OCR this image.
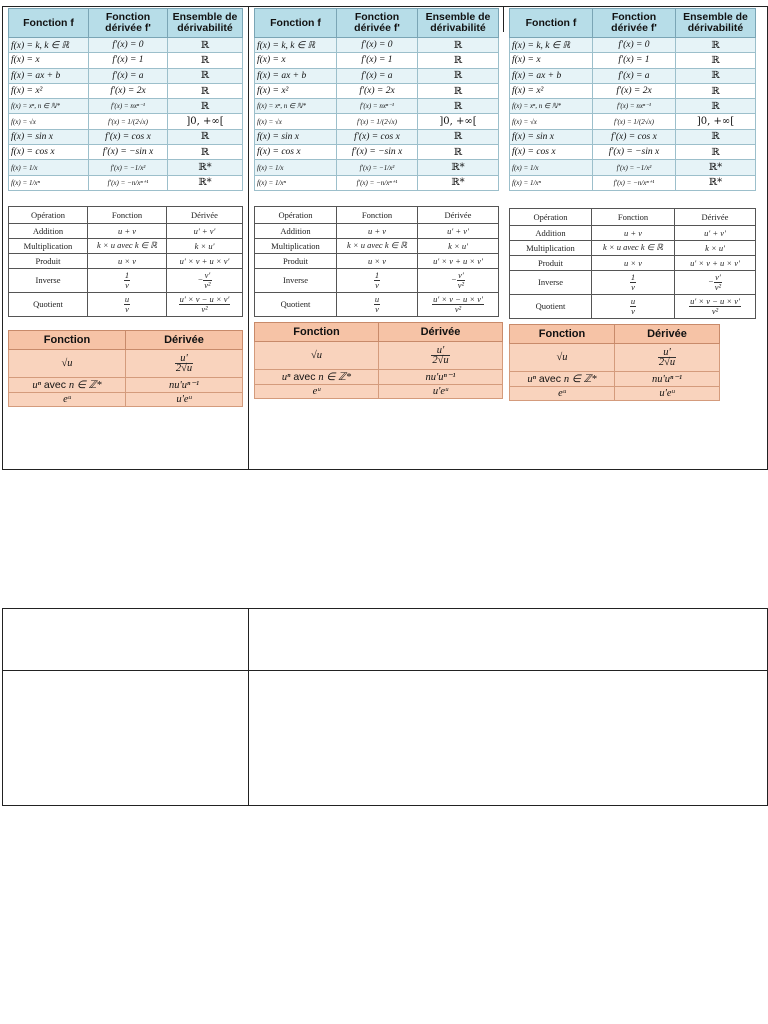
Fonction f	Fonction dérivée f'	Ensemble de dérivabilité
f(x) = k, k ∈ ℝ	f'(x) = 0	ℝ
f(x) = x	f'(x) = 1	ℝ
f(x) = ax + b	f'(x) = a	ℝ
f(x) = x²	f'(x) = 2x	ℝ
f(x) = xⁿ, n ∈ ℕ*	f'(x) = nxⁿ⁻¹	ℝ
f(x) = √x	f'(x) = 1/(2√x)	]0, +∞[
f(x) = sin x	f'(x) = cos x	ℝ
f(x) = cos x	f'(x) = −sin x	ℝ
f(x) = 1/x	f'(x) = −1/x²	ℝ*
f(x) = 1/xⁿ	f'(x) = −n/xⁿ⁺¹	ℝ*
Opération	Fonction	Dérivée
Addition	u + v	u' + v'
Multiplication	k × u avec k ∈ ℝ	k × u'
Produit	u × v	u' × v + u × v'
Inverse	$\frac{1}{v}$	− $\frac{v'}{\text{v²}}$

Quotient	$\frac{u}{v}$	$\frac{u' \times v - u \times v'}{\text{v²}}$
Fonction	Dérivée
√u	$\frac{u'}{2√u}$

uⁿ avec n ∈ ℤ*	nu'uⁿ⁻¹
eᵘ	u'eᵘ
Fonction f	Fonction dérivée f'	Ensemble de dérivabilité
f(x) = k, k ∈ ℝ	f'(x) = 0	ℝ
f(x) = x	f'(x) = 1	ℝ
f(x) = ax + b	f'(x) = a	ℝ
f(x) = x²	f'(x) = 2x	ℝ
f(x) = xⁿ, n ∈ ℕ*	f'(x) = nxⁿ⁻¹	ℝ
f(x) = √x	f'(x) = 1/(2√x)	]0, +∞[
f(x) = sin x	f'(x) = cos x	ℝ
f(x) = cos x	f'(x) = −sin x	ℝ
f(x) = 1/x	f'(x) = −1/x²	ℝ*
f(x) = 1/xⁿ	f'(x) = −n/xⁿ⁺¹	ℝ*
Opération	Fonction	Dérivée
Addition	u + v	u' + v'
Multiplication	k × u avec k ∈ ℝ	k × u'
Produit	u × v	u' × v + u × v'
Inverse	$\frac{1}{v}$	− $\frac{v'}{\text{v²}}$

Quotient	$\frac{u}{v}$	$\frac{u' \times v - u \times v'}{\text{v²}}$
Fonction	Dérivée
√u	$\frac{u'}{2√u}$

uⁿ avec n ∈ ℤ*	nu'uⁿ⁻¹
eᵘ	u'eᵘ
Fonction f	Fonction dérivée f'	Ensemble de dérivabilité
f(x) = k, k ∈ ℝ	f'(x) = 0	ℝ
f(x) = x	f'(x) = 1	ℝ
f(x) = ax + b	f'(x) = a	ℝ
f(x) = x²	f'(x) = 2x	ℝ
f(x) = xⁿ, n ∈ ℕ*	f'(x) = nxⁿ⁻¹	ℝ
f(x) = √x	f'(x) = 1/(2√x)	]0, +∞[
f(x) = sin x	f'(x) = cos x	ℝ
f(x) = cos x	f'(x) = −sin x	ℝ
f(x) = 1/x	f'(x) = −1/x²	ℝ*
f(x) = 1/xⁿ	f'(x) = −n/xⁿ⁺¹	ℝ*
Opération	Fonction	Dérivée
Addition	u + v	u' + v'
Multiplication	k × u avec k ∈ ℝ	k × u'
Produit	u × v	u' × v + u × v'
Inverse	$\frac{1}{v}$	− $\frac{v'}{\text{v²}}$

Quotient	$\frac{u}{v}$	$\frac{u' \times v - u \times v'}{\text{v²}}$
Fonction	Dérivée
√u	$\frac{u'}{2√u}$

uⁿ avec n ∈ ℤ*	nu'uⁿ⁻¹
eᵘ	u'eᵘ
